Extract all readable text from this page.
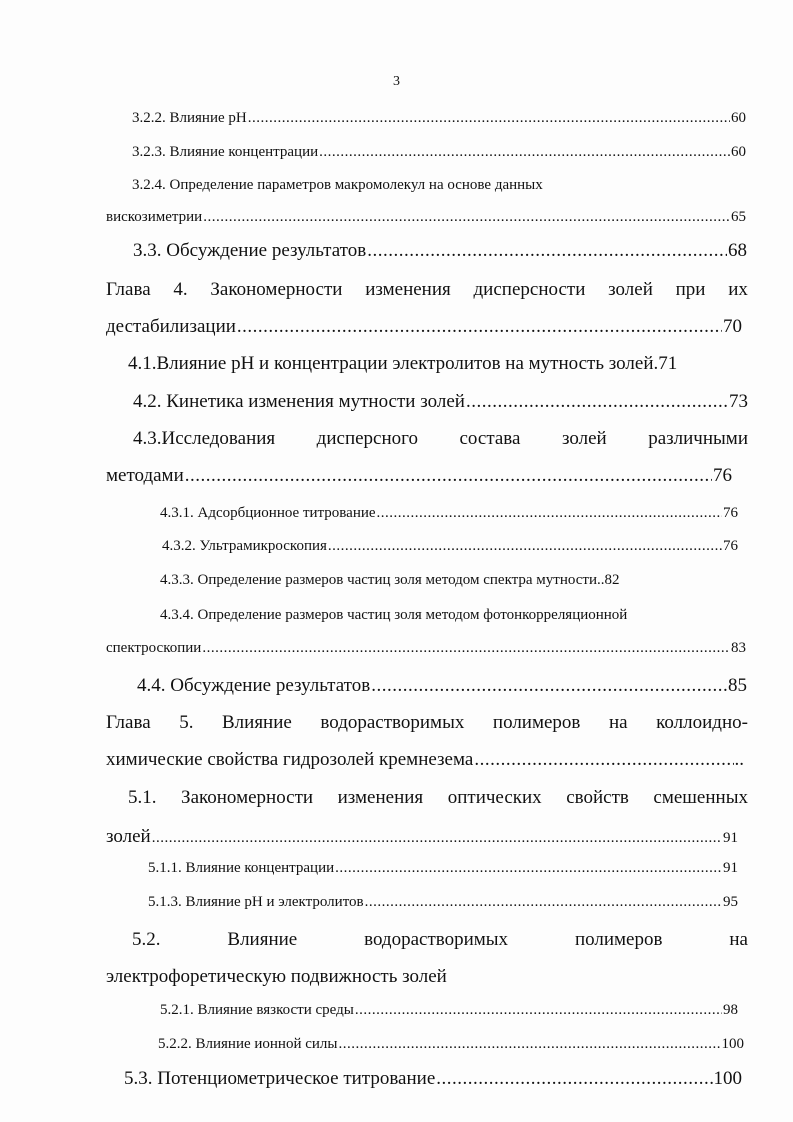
3
3.2.2. Влияние pH .....	60
3.2.3. Влияние концентрации .....	60
3.2.4. Определение параметров макромолекул на основе данных
вискозиметрии .....	65
3.3. Обсуждение результатов .....	68
Глава 4. Закономерности изменения дисперсности золей при их
дестабилизации .....	70
4.1.Влияние pH и концентрации электролитов на мутность золей.71
4.2. Кинетика изменения мутности золей .....	73
4.3.Исследования дисперсного состава золей различными
методами .....	76
4.3.1. Адсорбционное титрование .....	76
4.3.2. Ультрамикроскопия .....	76
4.3.3. Определение размеров частиц золя методом спектра мутности..82
4.3.4. Определение размеров частиц золя методом фотонкорреляционной
спектроскопии .....	83
4.4. Обсуждение результатов .....	85
Глава 5. Влияние водорастворимых полимеров на коллоидно-
химические свойства гидрозолей кремнезема .....	..
5.1. Закономерности изменения оптических свойств смешенных
золей .....	91
5.1.1. Влияние концентрации .....	91
5.1.3. Влияние pH и электролитов .....	95
5.2.	Влияние	водорастворимых	полимеров	на
электрофоретическую подвижность золей
5.2.1. Влияние вязкости среды .....	98
5.2.2. Влияние ионной силы .....	100
5.3. Потенциометрическое титрование .....	100
